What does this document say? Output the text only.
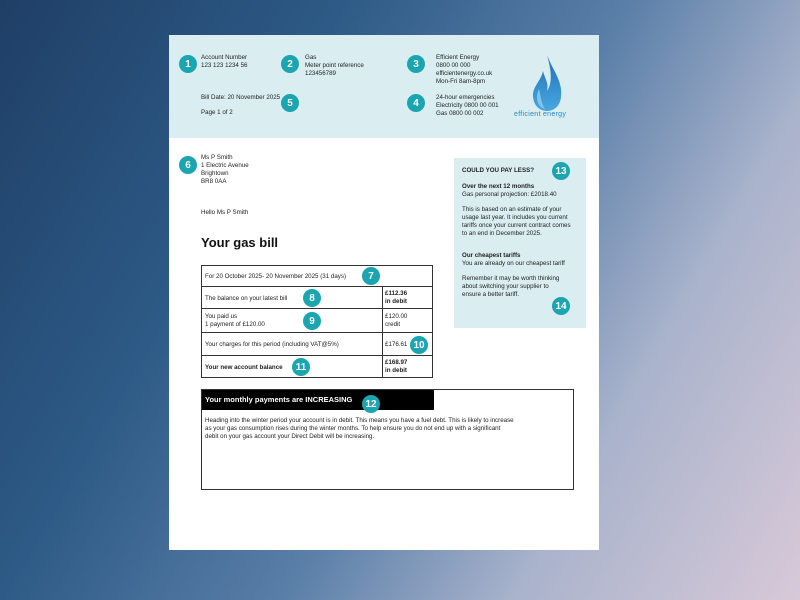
1
Account Number
123 123 1234 56	2
Gas
Meter point reference
123456789
3
Efficient Energy
0800 00 000
efficientenergy.co.uk
Mon-Fri 8am-8pm
Bill Date: 20 November 2025 5
Page 1 of 2
4	24-hour emergencies
Electricity 0800 00 001
Gas 0800 00 002	efficient energy
6
Ms P Smith
1 Electric Avenue
Brightown
BR8 0AA
Hello Ms P Smith
Your gas bill
For 20 October 2025- 20 November 2025 (31 days)	7
The balance on your latest bill	8	£112.36
in debit
You paid us
1 payment of £120.00	9	£120.00
credit
Your charges for this period (including VAT@5%)	£176.61 10
Your new account balance	11	£168.97
in debit
COULD YOU PAY LESS?	13
Over the next 12 months
Gas personal projection: £2018.40
This is based on an estimate of your
usage last year. It includes you current
tariffs once your current contract comes
to an end in December 2025.
Our cheapest tariffs
You are already on our cheapest tariff
Remember it may be worth thinking
about switching your supplier to
ensure a better tariff.
14
Your monthly payments are INCREASING	12
Heading into the winter period your account is in debit. This means you have a fuel debt. This is likely to increase
as your gas consumption rises during the winter months. To help ensure you do not end up with a significant
debit on your gas account your Direct Debit will be increasing.
